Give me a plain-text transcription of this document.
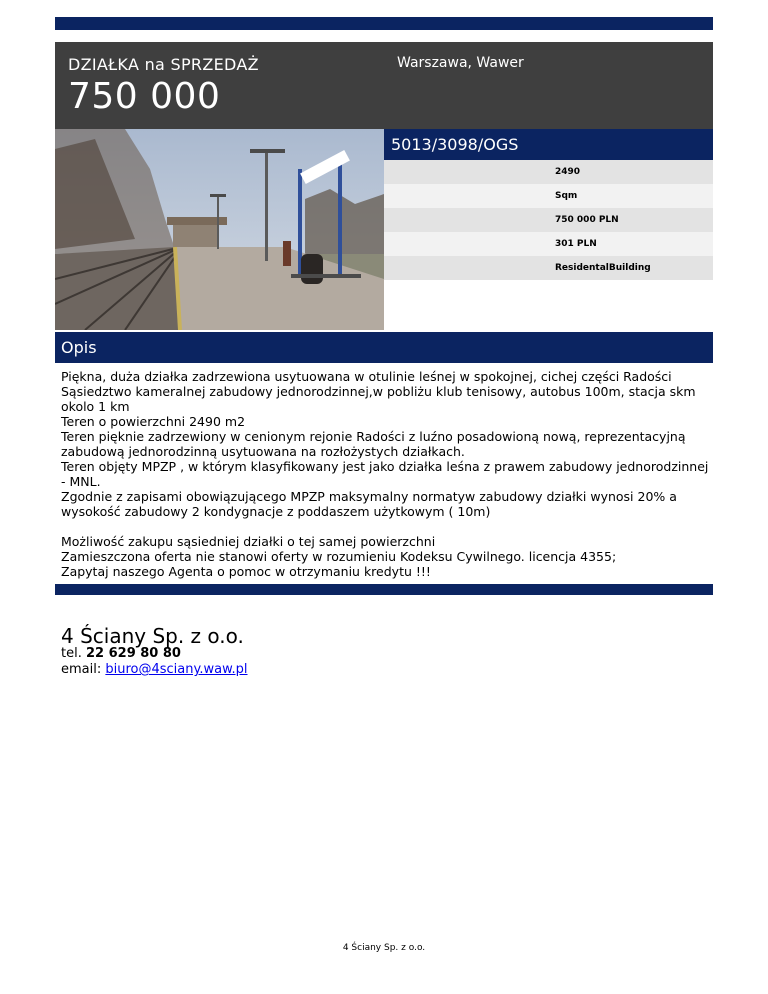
DZIAŁKA na SPRZEDAŻ
750 000
Warszawa, Wawer
5013/3098/OGS
2490
Sqm
750 000 PLN
301 PLN
ResidentalBuilding
Opis

Piękna, duża działka zadrzewiona usytuowana w otulinie leśnej w spokojnej, cichej części Radości

Sąsiedztwo kameralnej zabudowy jednorodzinnej,w pobliżu klub tenisowy, autobus 100m, stacja skm okolo 1 km

Teren o powierzchni 2490 m2

Teren pięknie zadrzewiony w cenionym rejonie Radości z luźno posadowioną nową, reprezentacyjną zabudową jednorodzinną usytuowana na rozłożystych działkach.

Teren objęty MPZP , w którym klasyfikowany jest jako działka leśna z prawem zabudowy jednorodzinnej - MNL.

Zgodnie z zapisami obowiązującego MPZP maksymalny normatyw zabudowy działki wynosi 20% a wysokość zabudowy 2 kondygnacje z poddaszem użytkowym ( 10m)

Możliwość zakupu sąsiedniej działki o tej samej powierzchni

Zamieszczona oferta nie stanowi oferty w rozumieniu Kodeksu Cywilnego. licencja 4355;

Zapytaj naszego Agenta o pomoc w otrzymaniu kredytu !!!

4 Ściany Sp. z o.o.
tel. 22 629 80 80
email: biuro@4sciany.waw.pl
4 Ściany Sp. z o.o.
